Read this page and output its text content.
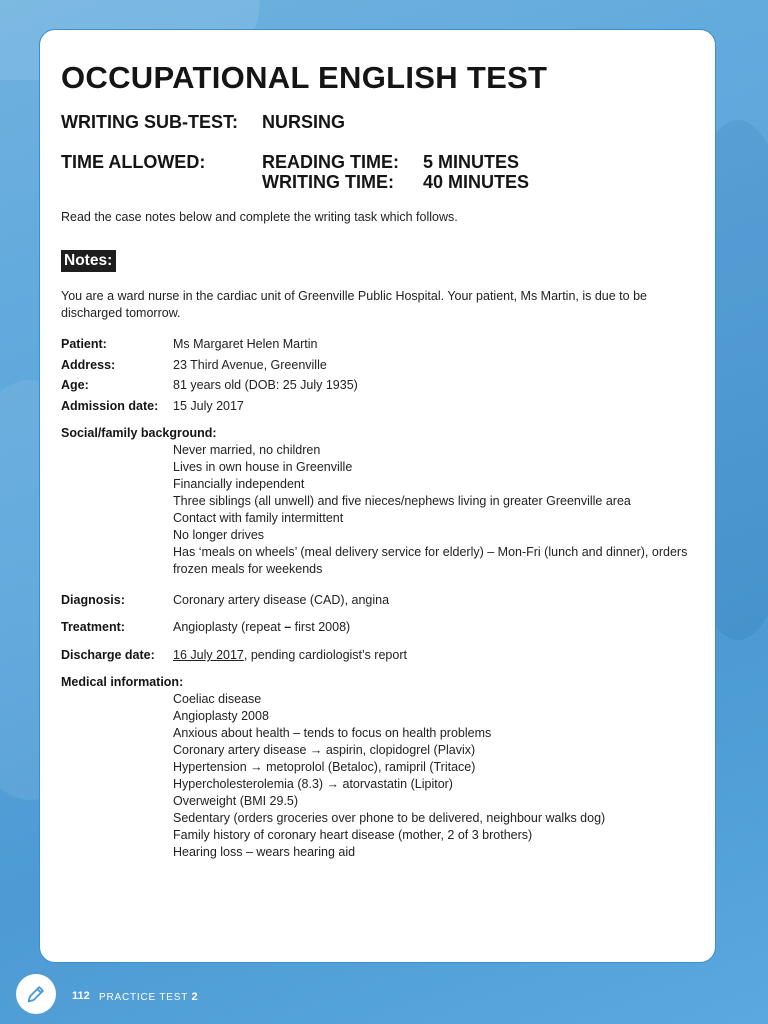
OCCUPATIONAL ENGLISH TEST
WRITING SUB-TEST: NURSING
TIME ALLOWED:	READING TIME: 5 MINUTES
WRITING TIME: 40 MINUTES
Read the case notes below and complete the writing task which follows.
Notes:
You are a ward nurse in the cardiac unit of Greenville Public Hospital. Your patient, Ms Martin, is due to be discharged tomorrow.
Patient:	Ms Margaret Helen Martin
Address:	23 Third Avenue, Greenville
Age:	81 years old (DOB: 25 July 1935)
Admission date: 15 July 2017
Social/family background:
Never married, no children
Lives in own house in Greenville
Financially independent
Three siblings (all unwell) and five nieces/nephews living in greater Greenville area
Contact with family intermittent
No longer drives
Has ‘meals on wheels’ (meal delivery service for elderly) – Mon-Fri (lunch and dinner), orders frozen meals for weekends
Diagnosis:	Coronary artery disease (CAD), angina
Treatment:	Angioplasty (repeat – first 2008)
Discharge date: 16 July 2017, pending cardiologist’s report
Medical information:
Coeliac disease
Angioplasty 2008
Anxious about health – tends to focus on health problems
Coronary artery disease → aspirin, clopidogrel (Plavix)
Hypertension → metoprolol (Betaloc), ramipril (Tritace)
Hypercholesterolemia (8.3) → atorvastatin (Lipitor)
Overweight (BMI 29.5)
Sedentary (orders groceries over phone to be delivered, neighbour walks dog)
Family history of coronary heart disease (mother, 2 of 3 brothers)
Hearing loss – wears hearing aid
112 PRACTICE TEST 2
